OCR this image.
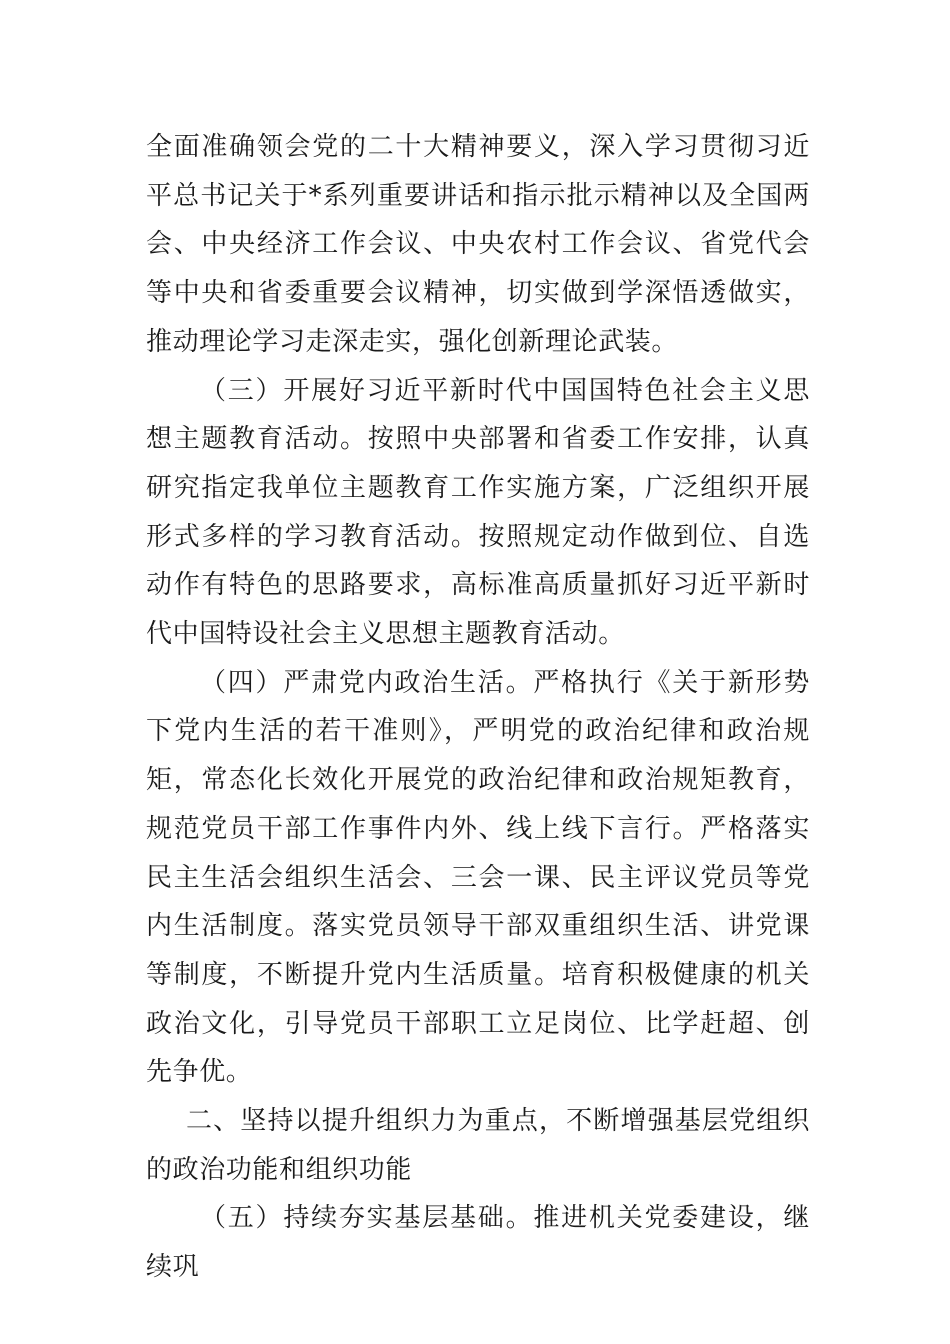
全面准确领会党的二十大精神要义，深入学习贯彻习近平总书记关于*系列重要讲话和指示批示精神以及全国两会、中央经济工作会议、中央农村工作会议、省党代会等中央和省委重要会议精神，切实做到学深悟透做实，推动理论学习走深走实，强化创新理论武装。

（三）开展好习近平新时代中国国特色社会主义思想主题教育活动。按照中央部署和省委工作安排，认真研究指定我单位主题教育工作实施方案，广泛组织开展形式多样的学习教育活动。按照规定动作做到位、自选动作有特色的思路要求，高标准高质量抓好习近平新时代中国特设社会主义思想主题教育活动。

（四）严肃党内政治生活。严格执行《关于新形势下党内生活的若干准则》，严明党的政治纪律和政治规矩，常态化长效化开展党的政治纪律和政治规矩教育，规范党员干部工作事件内外、线上线下言行。严格落实民主生活会组织生活会、三会一课、民主评议党员等党内生活制度。落实党员领导干部双重组织生活、讲党课等制度，不断提升党内生活质量。培育积极健康的机关政治文化，引导党员干部职工立足岗位、比学赶超、创先争优。

二、坚持以提升组织力为重点，不断增强基层党组织的政治功能和组织功能

（五）持续夯实基层基础。推进机关党委建设，继续巩
